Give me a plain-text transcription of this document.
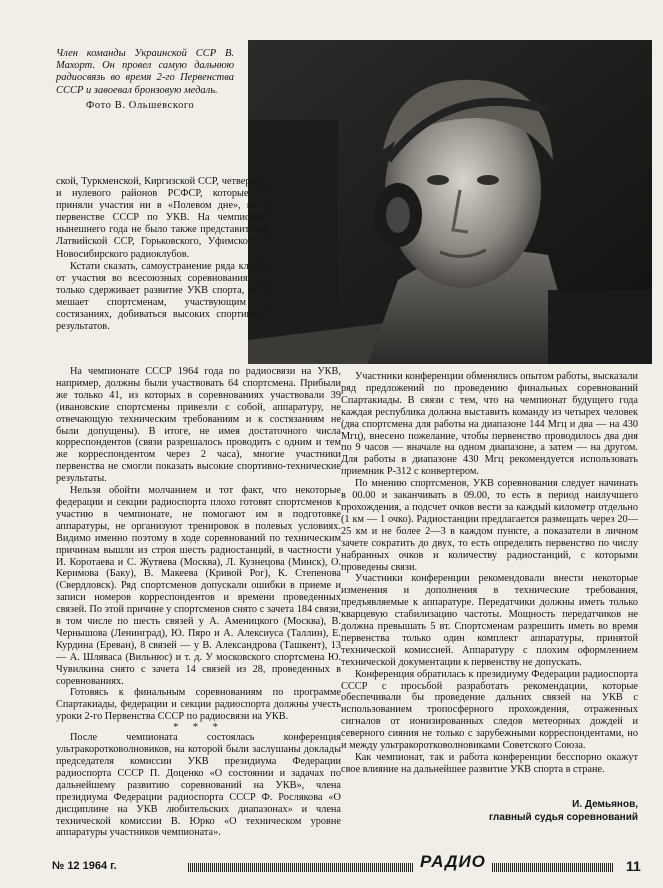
Член команды Украинской ССР В. Махорт. Он провел самую дальнюю радиосвязь во время 2-го Первенства СССР и завоевал бронзовую медаль.
Фото В. Ольшевского

ской, Туркменской, Киргизской ССР, четвертого и нулевого районов РСФСР, которые не приняли участия ни в «Полевом дне», ни в первенстве СССР по УКВ. На чемпионате нынешнего года не было также представителей Латвийской ССР, Горьковского, Уфимского и Новосибирского радиоклубов.

Кстати сказать, самоустранение ряда клубов от участия во всесоюзных соревнованиях не только сдерживает развитие УКВ спорта, но и мешает спортсменам, участвующим в состязаниях, добиваться высоких спортивных результатов.

На чемпионате СССР 1964 года по радиосвязи на УКВ, например, должны были участвовать 64 спортсмена. Прибыли же только 41, из которых в соревнованиях участвовали 39 (ивановские спортсмены привезли с собой, аппаратуру, не отвечающую техническим требованиям и к состязаниям не были допущены). В итоге, не имея достаточного числа корреспондентов (связи разрешалось проводить с одним и тем же корреспондентом через 2 часа), многие участники первенства не смогли показать высокие спортивно-технические результаты.

Нельзя обойти молчанием и тот факт, что некоторые федерации и секции радиоспорта плохо готовят спортсменов к участию в чемпионате, не помогают им в подготовке аппаратуры, не организуют тренировок в полевых условиях. Видимо именно поэтому в ходе соревнований по техническим причинам вышли из строя шесть радиостанций, в частности у И. Коротаева и С. Жутяева (Москва), Л. Кузнецова (Минск), О. Керимова (Баку), В. Макеева (Кривой Рог), К. Степенова (Свердловск). Ряд спортсменов допускали ошибки в приеме и записи номеров корреспондентов и времени проведенных связей. По этой причине у спортсменов снято с зачета 184 связи, в том числе по шесть связей у А. Аменицкого (Москва), В. Чернышова (Ленинград), Ю. Пяро и А. Алексиуса (Таллин), Е. Курдина (Ереван), 8 связей — у В. Александрова (Ташкент), 13 — А. Шляваса (Вильнюс) и т. д. У московского спортсмена Ю. Чувилкина снято с зачета 14 связей из 28, проведенных в соревнованиях.

Готовясь к финальным соревнованиям по программе Спартакиады, федерации и секции радиоспорта должны учесть уроки 2-го Первенства СССР по радиосвязи на УКВ.

* * *

После чемпионата состоялась конференция ультракоротковолновиков, на которой были заслушаны доклады председателя комиссии УКВ президиума Федерации радиоспорта СССР П. Доценко «О состоянии и задачах по дальнейшему развитию соревнований на УКВ», члена президиума Федерации радиоспорта СССР Ф. Рослякова «О дисциплине на УКВ любительских диапазонах» и члена технической комиссии В. Юрко «О техническом уровне аппаратуры участников чемпионата».

Участники конференции обменялись опытом работы, высказали ряд предложений по проведению финальных соревнований Спартакиады. В связи с тем, что на чемпионат будущего года каждая республика должна выставить команду из четырех человек (два спортсмена для работы на диапазоне 144 Мгц и два — на 430 Мгц), внесено пожелание, чтобы первенство проводилось два дня по 9 часов — вначале на одном диапазоне, а затем — на другом. Для работы в диапазоне 430 Мгц рекомендуется использовать приемник Р-312 с конвертером.

По мнению спортсменов, УКВ соревнования следует начинать в 00.00 и заканчивать в 09.00, то есть в период наилучшего прохождения, а подсчет очков вести за каждый километр отдельно (1 км — 1 очко). Радиостанции предлагается размещать через 20—25 км и не более 2—3 в каждом пункте, а показатели в личном зачете сократить до двух, то есть определять первенство по числу набранных очков и количеству радиостанций, с которыми проведены связи.

Участники конференции рекомендовали внести некоторые изменения и дополнения в технические требования, предъявляемые к аппаратуре. Передатчики должны иметь только кварцевую стабилизацию частоты. Мощность передатчиков не должна превышать 5 вт. Спортсменам разрешить иметь во время первенства только один комплект аппаратуры, принятой технической комиссией. Аппаратуру с плохим оформлением технической документации к первенству не допускать.

Конференция обратилась к президиуму Федерации радиоспорта СССР с просьбой разработать рекомендации, которые обеспечивали бы проведение дальних связей на УКВ с использованием тропосферного прохождения, отраженных сигналов от ионизированных следов метеорных дождей и северного сияния не только с зарубежными корреспондентами, но и между ультракоротковолновиками Советского Союза.

Как чемпионат, так и работа конференции бесспорно окажут свое влияние на дальнейшее развитие УКВ спорта в стране.

И. Демьянов,
главный судья соревнований
№ 12 1964 г.	РАДИО	11
